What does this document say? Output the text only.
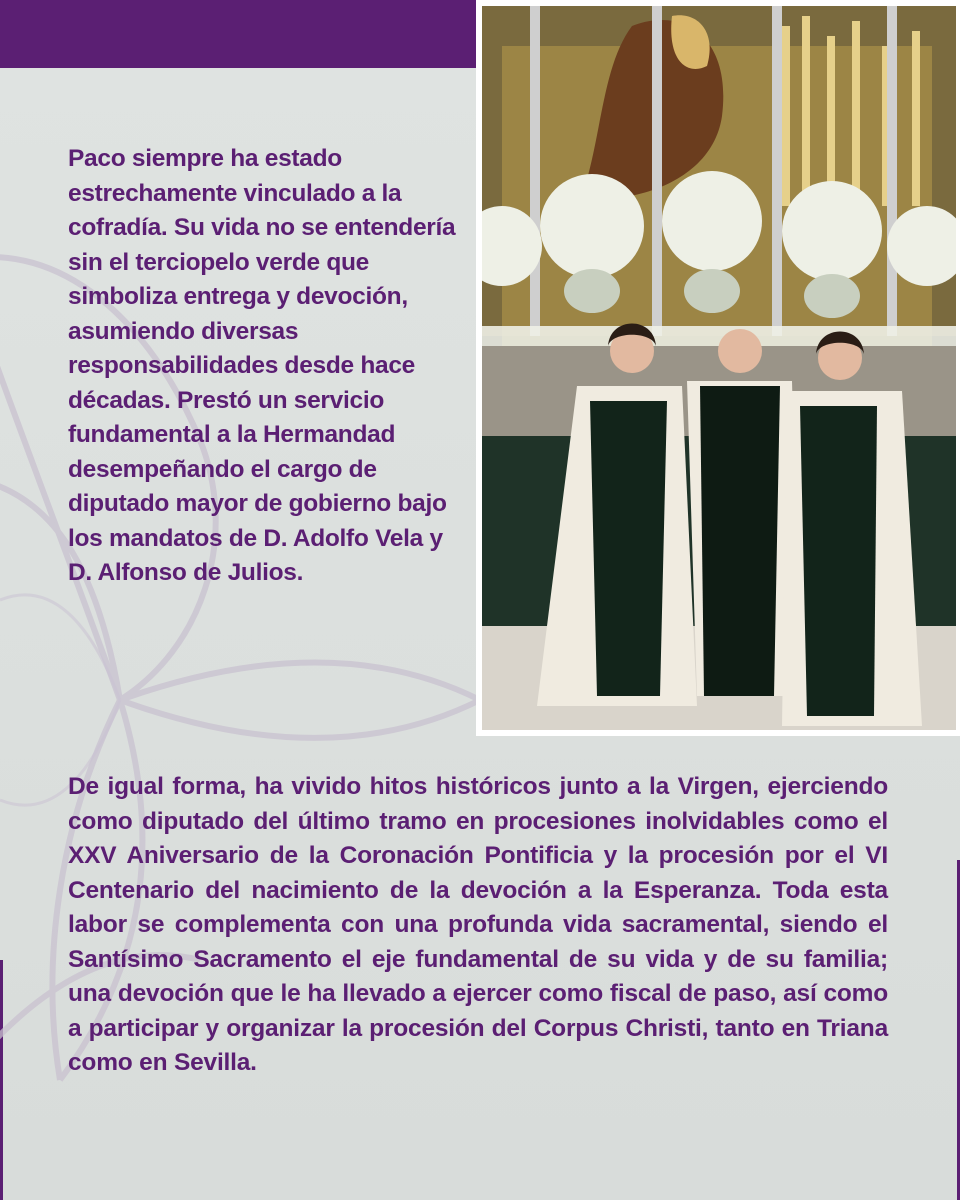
Paco siempre ha estado estrechamente vinculado a la cofradía. Su vida no se entendería sin el terciopelo verde que simboliza entrega y devoción, asumiendo diversas responsabilidades desde hace décadas. Prestó un servicio fundamental a la Hermandad desempeñando el cargo de diputado mayor de gobierno bajo los mandatos de D. Adolfo Vela y D. Alfonso de Julios.

De igual forma, ha vivido hitos históricos junto a la Virgen, ejerciendo como diputado del último tramo en procesiones inolvidables como el XXV Aniversario de la Coronación Pontificia y la procesión por el VI Centenario del nacimiento de la devoción a la Esperanza. Toda esta labor se complementa con una profunda vida sacramental, siendo el Santísimo Sacramento el eje fundamental de su vida y de su familia; una devoción que le ha llevado a ejercer como fiscal de paso, así como a participar y organizar la procesión del Corpus Christi, tanto en Triana como en Sevilla.
